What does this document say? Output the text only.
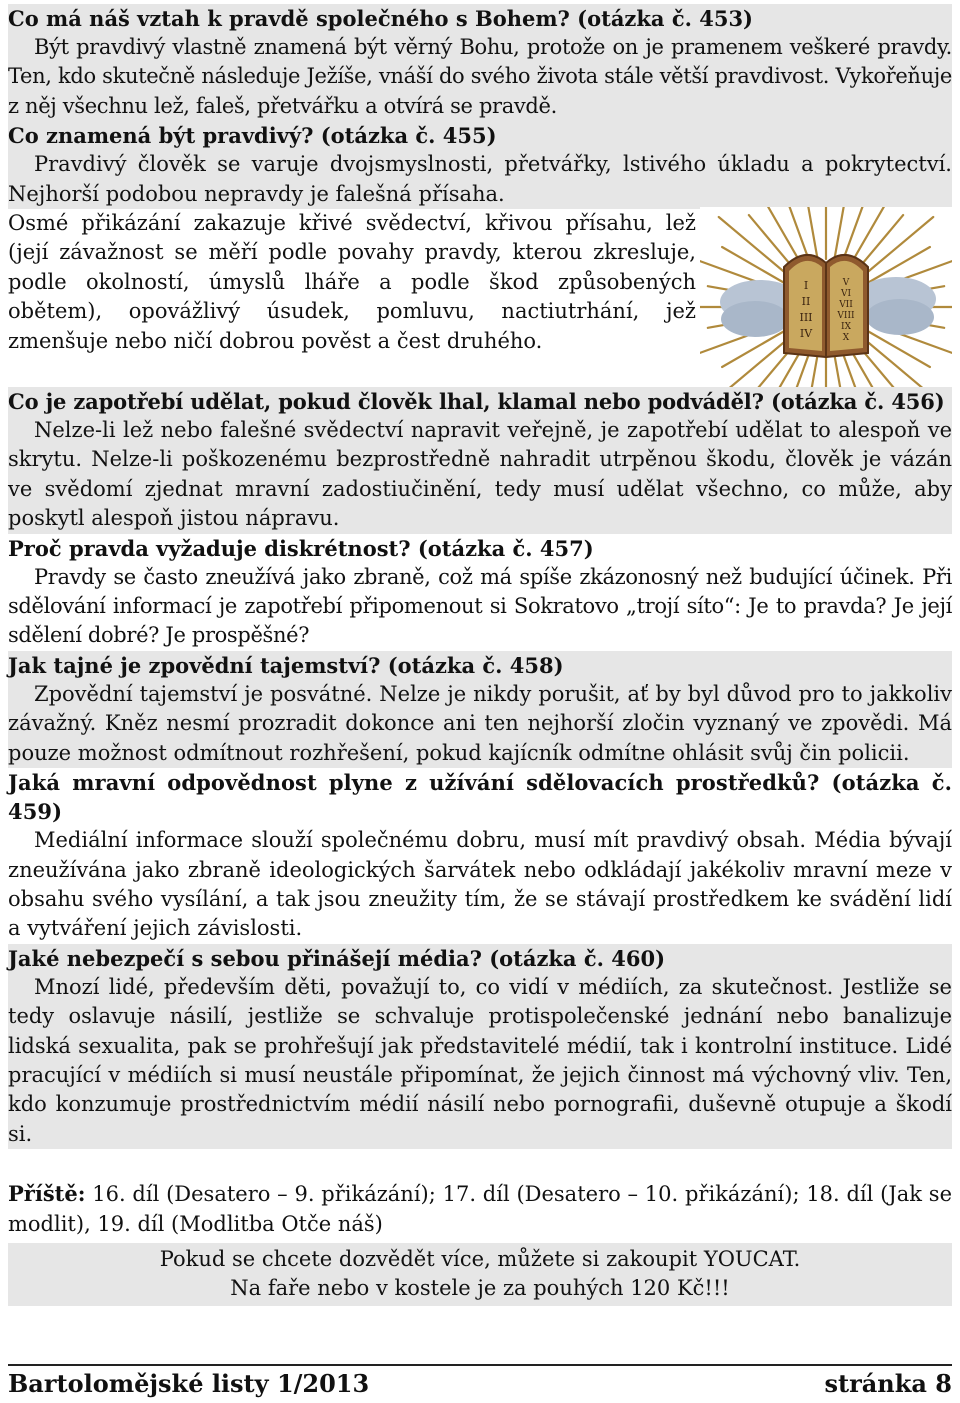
Co má náš vztah k pravdě společného s Bohem? (otázka č. 453)

Být pravdivý vlastně znamená být věrný Bohu, protože on je pramenem veškeré pravdy. Ten, kdo skutečně následuje Ježíše, vnáší do svého života stále větší pravdivost. Vykořeňuje z něj všechnu lež, faleš, přetvářku a otvírá se pravdě.

Co znamená být pravdivý? (otázka č. 455)

Pravdivý člověk se varuje dvojsmyslnosti, přetvářky, lstivého úkladu a pokrytectví. Nejhorší podobou nepravdy je falešná přísaha.

Osmé přikázání zakazuje křivé svědectví, křivou přísahu, lež (její závažnost se měří podle povahy pravdy, kterou zkresluje, podle okolností, úmyslů lháře a podle škod způsobených obětem), opovážlivý úsudek, pomluvu, nactiutrhání, jež zmenšuje nebo ničí dobrou pověst a čest druhého.

I
II
III
IV
V
VI
VII
VIII
IX
X

Co je zapotřebí udělat, pokud člověk lhal, klamal nebo podváděl? (otázka č. 456)

Nelze-li lež nebo falešné svědectví napravit veřejně, je zapotřebí udělat to alespoň ve skrytu. Nelze-li poškozenému bezprostředně nahradit utrpěnou škodu, člověk je vázán ve svědomí zjednat mravní zadostiučinění, tedy musí udělat všechno, co může, aby poskytl alespoň jistou nápravu.

Proč pravda vyžaduje diskrétnost? (otázka č. 457)

Pravdy se často zneužívá jako zbraně, což má spíše zkázonosný než budující účinek. Při sdělování informací je zapotřebí připomenout si Sokratovo „trojí síto“: Je to pravda? Je její sdělení dobré? Je prospěšné?

Jak tajné je zpovědní tajemství? (otázka č. 458)

Zpovědní tajemství je posvátné. Nelze je nikdy porušit, ať by byl důvod pro to jakkoliv závažný. Kněz nesmí prozradit dokonce ani ten nejhorší zločin vyznaný ve zpovědi. Má pouze možnost odmítnout rozhřešení, pokud kajícník odmítne ohlásit svůj čin policii.

Jaká mravní odpovědnost plyne z užívání sdělovacích prostředků? (otázka č. 459)

Mediální informace slouží společnému dobru, musí mít pravdivý obsah. Média bývají zneužívána jako zbraně ideologických šarvátek nebo odkládají jakékoliv mravní meze v obsahu svého vysílání, a tak jsou zneužity tím, že se stávají prostředkem ke svádění lidí a vytváření jejich závislosti.

Jaké nebezpečí s sebou přinášejí média? (otázka č. 460)

Mnozí lidé, především děti, považují to, co vidí v médiích, za skutečnost. Jestliže se tedy oslavuje násilí, jestliže se schvaluje protispolečenské jednání nebo banalizuje lidská sexualita, pak se prohřešují jak představitelé médií, tak i kontrolní instituce. Lidé pracující v médiích si musí neustále připomínat, že jejich činnost má výchovný vliv. Ten, kdo konzumuje prostřednictvím médií násilí nebo pornografii, duševně otupuje a škodí si.

Příště: 16. díl (Desatero – 9. přikázání); 17. díl (Desatero – 10. přikázání); 18. díl (Jak se modlit), 19. díl (Modlitba Otče náš)

Pokud se chcete dozvědět více, můžete si zakoupit YOUCAT.
Na faře nebo v kostele je za pouhých 120 Kč!!!
Bartolomějské listy 1/2013	stránka 8
